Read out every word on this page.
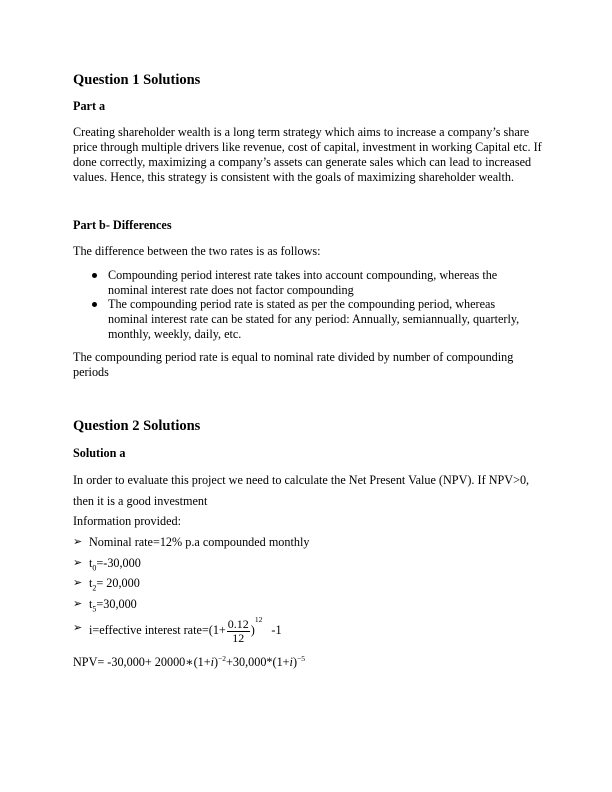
Question 1 Solutions
Part a

Creating shareholder wealth is a long term strategy which aims to increase a company’s share price through multiple drivers like revenue, cost of capital, investment in working Capital etc. If done correctly, maximizing a company’s assets can generate sales which can lead to increased values. Hence, this strategy is consistent with the goals of maximizing shareholder wealth.

Part b- Differences

The difference between the two rates is as follows:

Compounding period interest rate takes into account compounding, whereas the nominal interest rate does not factor compounding
The compounding period rate is stated as per the compounding period, whereas nominal interest rate can be stated for any period: Annually, semiannually, quarterly, monthly, weekly, daily, etc.

The compounding period rate is equal to nominal rate divided by number of compounding periods

Question 2 Solutions
Solution a

In order to evaluate this project we need to calculate the Net Present Value (NPV). If NPV>0,

then it is a good investment

Information provided:

➢ Nominal rate=12% p.a compounded monthly
➢ $t_0=-30,000$
➢ $t_2= 20,000$
➢ $t_5=30,000$
➢ i=effective interest rate=(1+ $\frac{0.12}{12} )^{12}$ -1
$NPV= -30,000+ 20000∗(1+i)^{-2}+30,000*(1+i)^{-5}$
